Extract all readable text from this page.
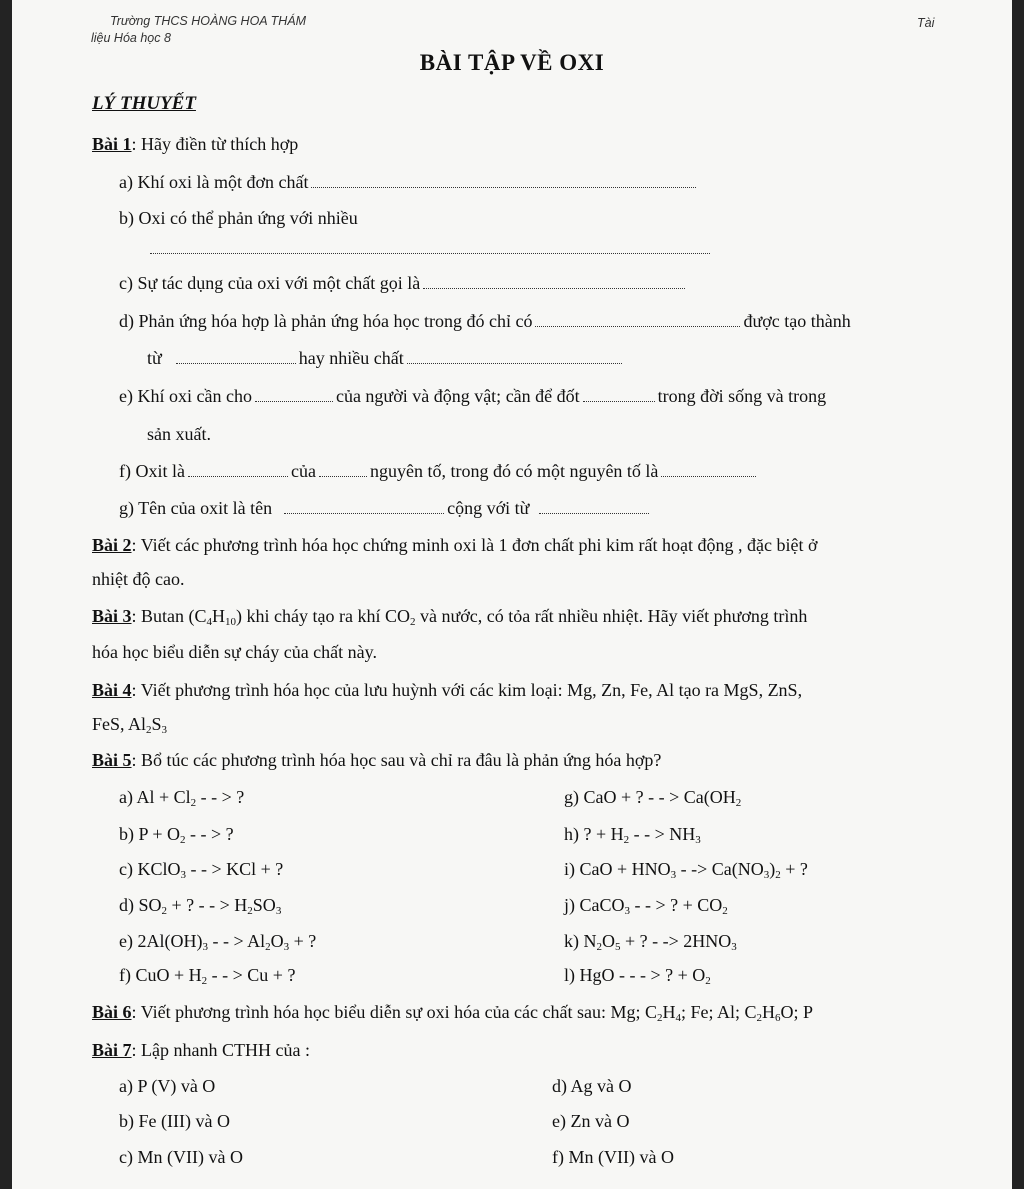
Trường THCS HOÀNG HOA THÁM	Tài
liệu Hóa học 8
BÀI TẬP VỀ OXI
LÝ THUYẾT
Bài 1: Hãy điền từ thích hợp
a) Khí oxi là một đơn chất
b) Oxi có thể phản ứng với nhiều
c) Sự tác dụng của oxi với một chất gọi là
d) Phản ứng hóa hợp là phản ứng hóa học trong đó chỉ có	được tạo thành
từ	hay nhiều chất
e) Khí oxi cần cho	của người và động vật; cần để đốt	trong đời sống và trong
sản xuất.
f) Oxit là	của	nguyên tố, trong đó có một nguyên tố là
g) Tên của oxit là tên	cộng với từ
Bài 2: Viết các phương trình hóa học chứng minh oxi là 1 đơn chất phi kim rất hoạt động , đặc biệt ở
nhiệt độ cao.
Bài 3: Butan $(C_4H_{10})$ khi cháy tạo ra khí $CO_2$ và nước, có tỏa rất nhiều nhiệt. Hãy viết phương trình
hóa học biểu diễn sự cháy của chất này.
Bài 4: Viết phương trình hóa học của lưu huỳnh với các kim loại: Mg, Zn, Fe, Al tạo ra MgS, ZnS,
FeS, $Al_2S_3$
Bài 5: Bổ túc các phương trình hóa học sau và chỉ ra đâu là phản ứng hóa hợp?
a) $Al + Cl_2$ - - > ?
b) $P + O_2$ - - > ?
c) KClO$_3$ - - > KCl + ?
d) $SO_2$ + ? - - > $H_2SO_3$
e) $2Al(OH)_3$ - - > $Al_2O_3$ + ?
f) CuO + $H_2$ - - > Cu + ?
g) CaO + ? - - > $Ca(OH_2$
h) ? + $H_2$ - - > $NH_3$
i) CaO + $HNO_3$ - -> $Ca(NO_3)_2$ + ?
j) CaCO$_3$ - - > ? + $CO_2$
k) $N_2O_5$ + ? - -> $2HNO_3$
l) HgO - - - > ? + $O_2$
Bài 6: Viết phương trình hóa học biểu diễn sự oxi hóa của các chất sau: Mg; $C_2H_4$; Fe; Al; $C_2H_6O$; P
Bài 7: Lập nhanh CTHH của :
a) P (V) và O
b) Fe (III) và O
c) Mn (VII) và O
d) Ag và O
e) Zn và O
f) Mn (VII) và O
